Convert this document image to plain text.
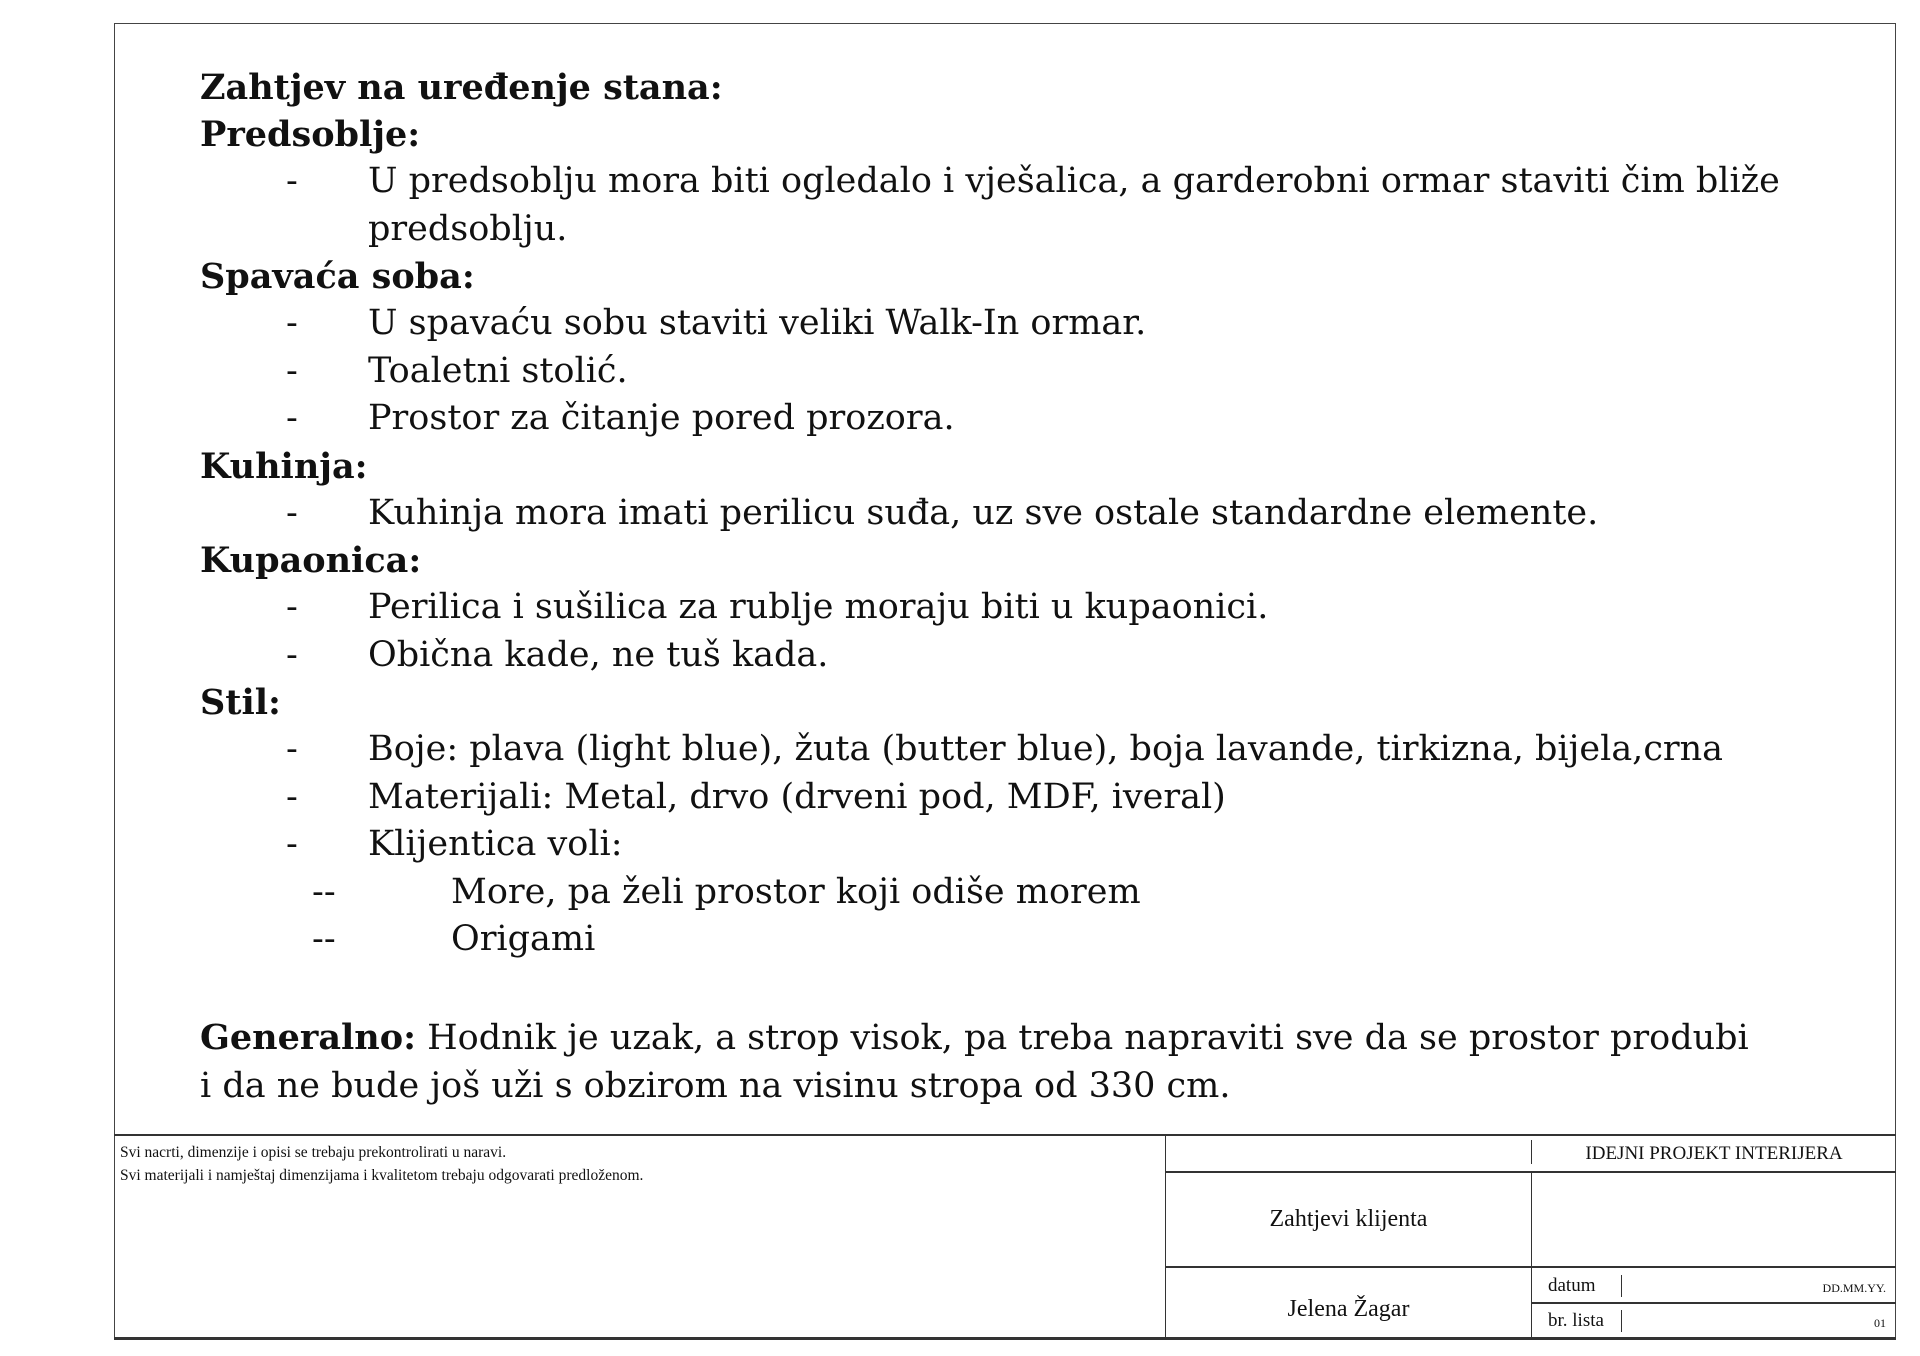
Zahtjev na uređenje stana:

Predsoblje:

- U predsoblju mora biti ogledalo i vješalica, a garderobni ormar staviti čim bliže predsoblju.

Spavaća soba:

- U spavaću sobu staviti veliki Walk-In ormar.

- Toaletni stolić.

- Prostor za čitanje pored prozora.

Kuhinja:

- Kuhinja mora imati perilicu suđa, uz sve ostale standardne elemente.

Kupaonica:

- Perilica i sušilica za rublje moraju biti u kupaonici.

- Obična kade, ne tuš kada.

Stil:

- Boje: plava (light blue), žuta (butter blue), boja lavande, tirkizna, bijela,crna

- Materijali: Metal, drvo (drveni pod, MDF, iveral)

- Klijentica voli:

--	More, pa želi prostor koji odiše morem

--	Origami

Generalno: Hodnik je uzak, a strop visok, pa treba napraviti sve da se prostor produbi i da ne bude još uži s obzirom na visinu stropa od 330 cm.

Svi nacrti, dimenzije i opisi se trebaju prekontrolirati u naravi.
Svi materijali i namještaj dimenzijama i kvalitetom trebaju odgovarati predloženom.
IDEJNI PROJEKT INTERIJERA
Zahtjevi klijenta
Jelena Žagar
datum	DD.MM.YY.
br. lista	01
